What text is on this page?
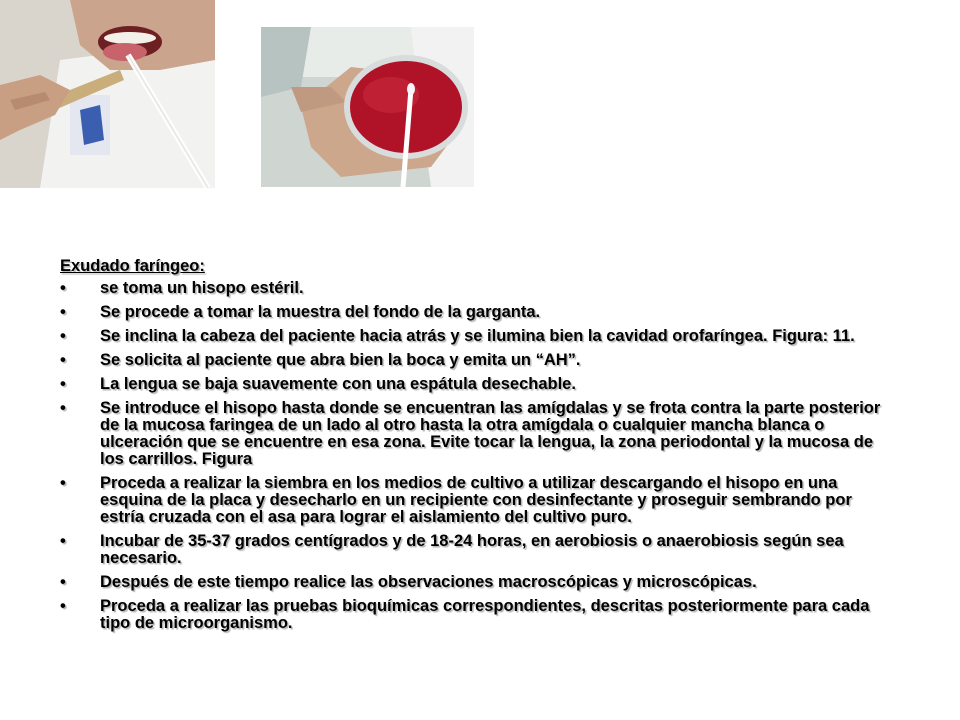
Exudado faríngeo:
• se toma un hisopo estéril.
• Se procede a tomar la muestra del fondo de la garganta.
• Se inclina la cabeza del paciente hacia atrás y se ilumina bien la cavidad orofaríngea. Figura: 11.
• Se solicita al paciente que abra bien la boca y emita un “AH”.
• La lengua se baja suavemente con una espátula desechable.
• Se introduce el hisopo hasta donde se encuentran las amígdalas y se frota contra la parte posterior de la mucosa faringea de un lado al otro hasta la otra amígdala o cualquier mancha blanca o ulceración que se encuentre en esa zona. Evite tocar la lengua, la zona periodontal y la mucosa de los carrillos. Figura
• Proceda a realizar la siembra en los medios de cultivo a utilizar descargando el hisopo en una esquina de la placa y desecharlo en un recipiente con desinfectante y proseguir sembrando por estría cruzada con el asa para lograr el aislamiento del cultivo puro.
• Incubar de 35-37 grados centígrados y de 18-24 horas, en aerobiosis o anaerobiosis según sea necesario.
• Después de este tiempo realice las observaciones macroscópicas y microscópicas.
• Proceda a realizar las pruebas bioquímicas correspondientes, descritas posteriormente para cada tipo de microorganismo.
